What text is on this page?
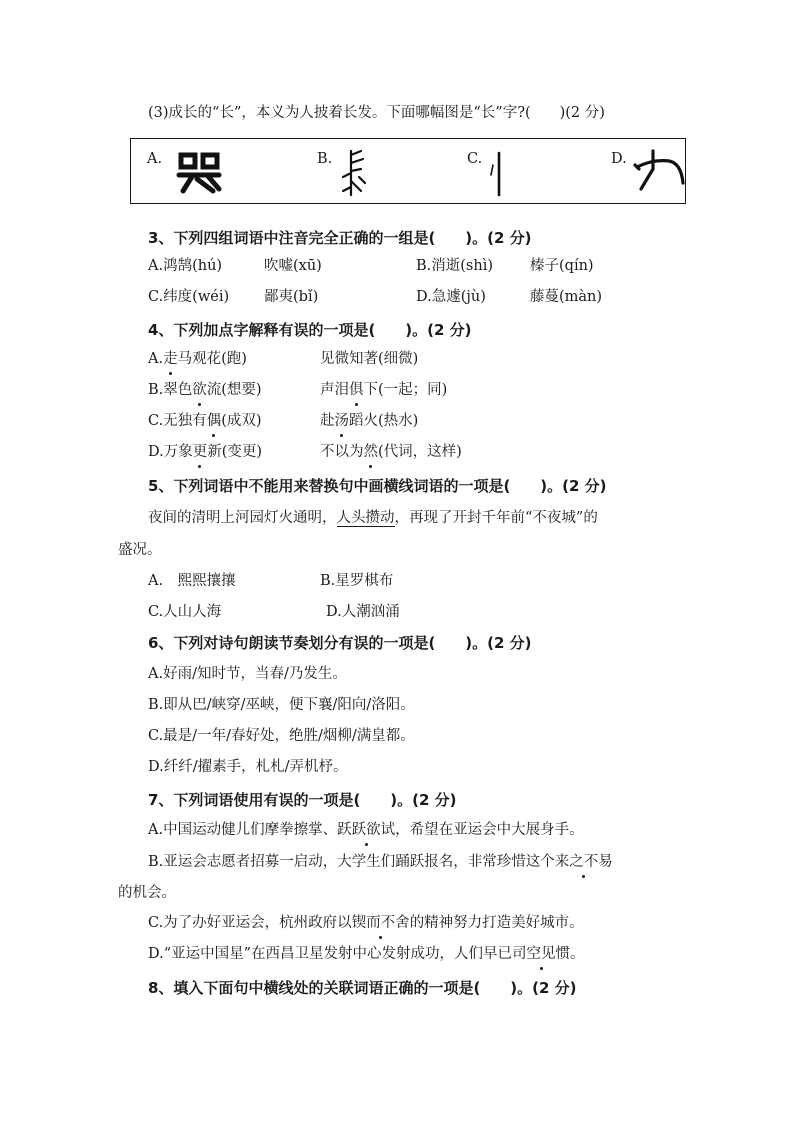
(3)成长的“长”，本义为人披着长发。下面哪幅图是“长”字?(　　)(2 分)
A.	B.	C.	D.
3、下列四组词语中注音完全正确的一组是(　　)。(2 分)
A.鸿鹄(hú)	吹嘘(xū)	B.消逝(shì)	榛子(qín)
C.纬度(wéi) 鄙夷(bǐ)	D.急遽(jù)	藤蔓(màn)
4、下列加点字解释有误的一项是(　　)。(2 分)
A.走马观花(跑)	见微知著(细微)
B.翠色欲流(想要)	声泪俱下(一起；同)
C.无独有偶(成双)	赴汤蹈火(热水)
D.万象更新(变更)	不以为然(代词，这样)
5、下列词语中不能用来替换句中画横线词语的一项是(　　)。(2 分)
夜间的清明上河园灯火通明，人头攒动，再现了开封千年前“不夜城”的
盛况。
A.　熙熙攘攘	B.星罗棋布
C.人山人海	D.人潮汹涌
6、下列对诗句朗读节奏划分有误的一项是(　　)。(2 分)
A.好雨/知时节，当春/乃发生。
B.即从巴/峡穿/巫峡，便下襄/阳向/洛阳。
C.最是/一年/春好处，绝胜/烟柳/满皇都。
D.纤纤/擢素手，札札/弄机杼。
7、下列词语使用有误的一项是(　　)。(2 分)
A.中国运动健儿们摩拳擦掌、跃跃欲试，希望在亚运会中大展身手。
B.亚运会志愿者招募一启动，大学生们踊跃报名，非常珍惜这个来之不易
的机会。
C.为了办好亚运会，杭州政府以锲而不舍的精神努力打造美好城市。
D.“亚运中国星”在西昌卫星发射中心发射成功，人们早已司空见惯。
8、填入下面句中横线处的关联词语正确的一项是(　　)。(2 分)
